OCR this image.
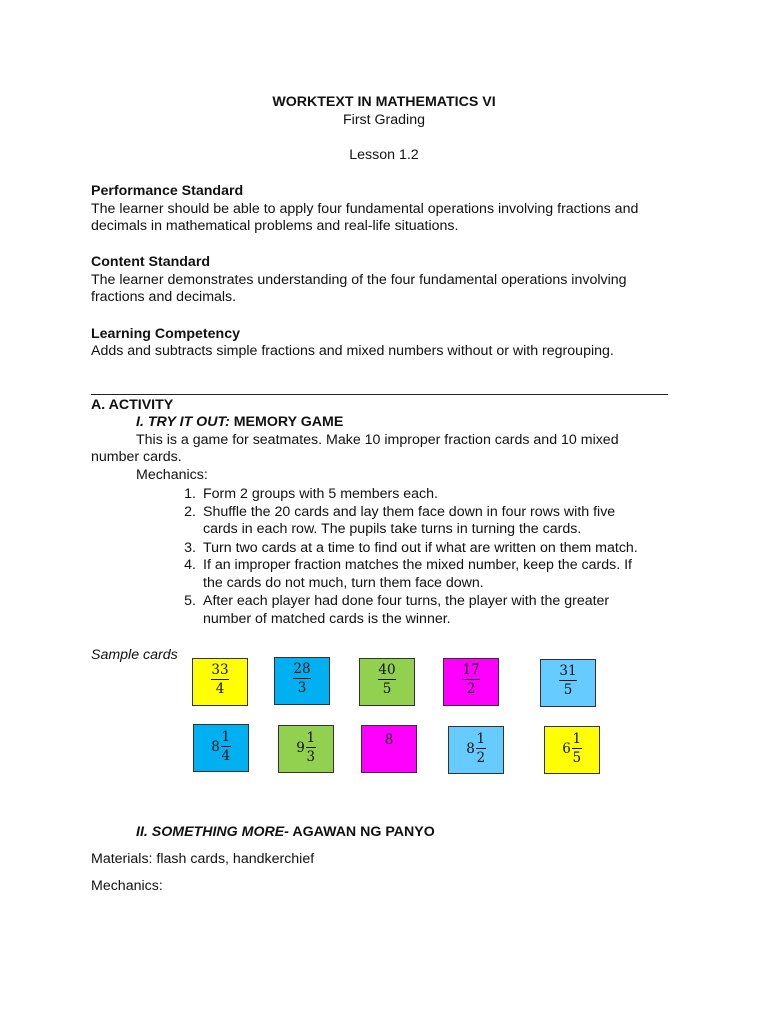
WORKTEXT IN MATHEMATICS VI
First Grading
Lesson 1.2
Performance Standard
The learner should be able to apply four fundamental operations involving fractions and
decimals in mathematical problems and real-life situations.
Content Standard
The learner demonstrates understanding of the four fundamental operations involving
fractions and decimals.
Learning Competency
Adds and subtracts simple fractions and mixed numbers without or with regrouping.
A. ACTIVITY
I. TRY IT OUT: MEMORY GAME
This is a game for seatmates. Make 10 improper fraction cards and 10 mixed
number cards.
Mechanics:
1. Form 2 groups with 5 members each.
2. Shuffle the 20 cards and lay them face down in four rows with five
cards in each row. The pupils take turns in turning the cards.
3. Turn two cards at a time to find out if what are written on them match.
4. If an improper fraction matches the mixed number, keep the cards. If
the cards do not much, turn them face down.
5. After each player had done four turns, the player with the greater
number of matched cards is the winner.
Sample cards
33
4
28
3
40
5
17
2
31
5
$8 \frac{1}{4}$	$9 \frac{1}{3}$	8
$8 \frac{1}{2}$	$6 \frac{1}{5}$
II. SOMETHING MORE- AGAWAN NG PANYO
Materials: flash cards, handkerchief
Mechanics:
